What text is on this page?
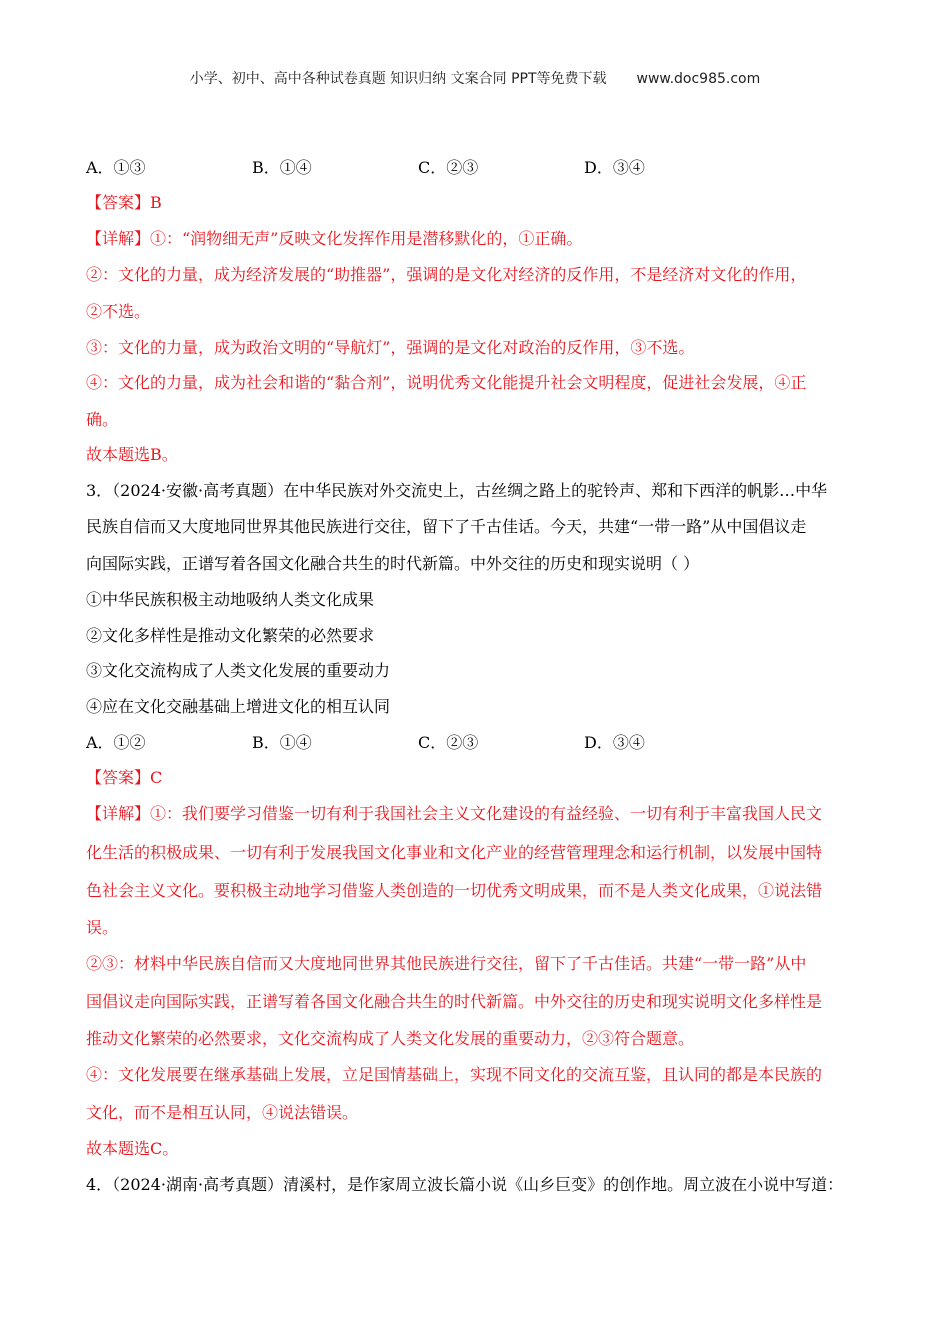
小学、初中、高中各种试卷真题 知识归纳 文案合同 PPT等免费下载 www.doc985.com
A．①③	B．①④	C．②③	D．③④
【答案】B
【详解】①：“润物细无声”反映文化发挥作用是潜移默化的，①正确。
②：文化的力量，成为经济发展的“助推器”，强调的是文化对经济的反作用，不是经济对文化的作用，
②不选。
③：文化的力量，成为政治文明的“导航灯”，强调的是文化对政治的反作用，③不选。
④：文化的力量，成为社会和谐的“黏合剂”，说明优秀文化能提升社会文明程度，促进社会发展，④正
确。
故本题选B。
3．（2024·安徽·高考真题）在中华民族对外交流史上，古丝绸之路上的驼铃声、郑和下西洋的帆影…中华
民族自信而又大度地同世界其他民族进行交往，留下了千古佳话。今天，共建“一带一路”从中国倡议走
向国际实践，正谱写着各国文化融合共生的时代新篇。中外交往的历史和现实说明（ ）
①中华民族积极主动地吸纳人类文化成果
②文化多样性是推动文化繁荣的必然要求
③文化交流构成了人类文化发展的重要动力
④应在文化交融基础上增进文化的相互认同
A．①②	B．①④	C．②③	D．③④
【答案】C
【详解】①：我们要学习借鉴一切有利于我国社会主义文化建设的有益经验、一切有利于丰富我国人民文
化生活的积极成果、一切有利于发展我国文化事业和文化产业的经营管理理念和运行机制，以发展中国特
色社会主义文化。要积极主动地学习借鉴人类创造的一切优秀文明成果，而不是人类文化成果，①说法错
误。
②③：材料中华民族自信而又大度地同世界其他民族进行交往，留下了千古佳话。共建“一带一路”从中
国倡议走向国际实践，正谱写着各国文化融合共生的时代新篇。中外交往的历史和现实说明文化多样性是
推动文化繁荣的必然要求，文化交流构成了人类文化发展的重要动力，②③符合题意。
④：文化发展要在继承基础上发展，立足国情基础上，实现不同文化的交流互鉴，且认同的都是本民族的
文化，而不是相互认同，④说法错误。
故本题选C。
4．（2024·湖南·高考真题）清溪村，是作家周立波长篇小说《山乡巨变》的创作地。周立波在小说中写道：
